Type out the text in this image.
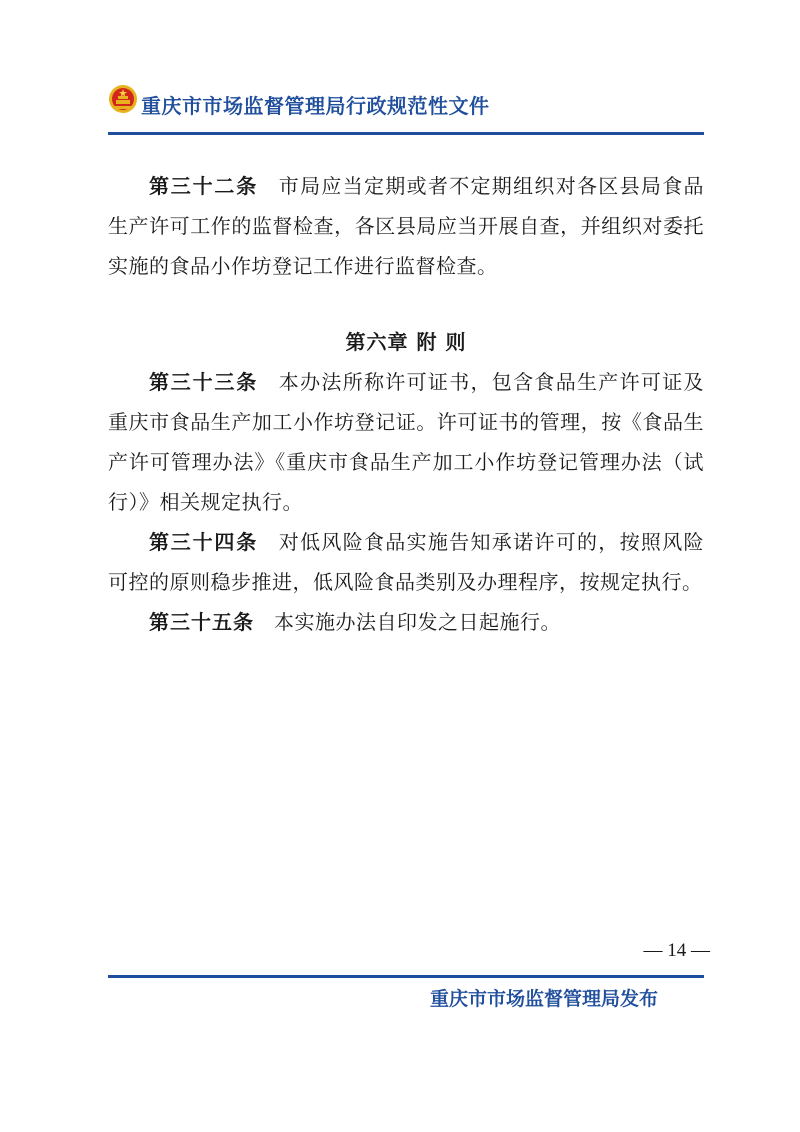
重庆市市场监督管理局行政规范性文件

第三十二条 市局应当定期或者不定期组织对各区县局食品生产许可工作的监督检查，各区县局应当开展自查，并组织对委托实施的食品小作坊登记工作进行监督检查。

第六章 附 则

第三十三条 本办法所称许可证书，包含食品生产许可证及重庆市食品生产加工小作坊登记证。许可证书的管理，按《食品生产许可管理办法》《重庆市食品生产加工小作坊登记管理办法（试行）》相关规定执行。

第三十四条 对低风险食品实施告知承诺许可的，按照风险可控的原则稳步推进，低风险食品类别及办理程序，按规定执行。

第三十五条 本实施办法自印发之日起施行。

— 14 —
重庆市市场监督管理局发布
